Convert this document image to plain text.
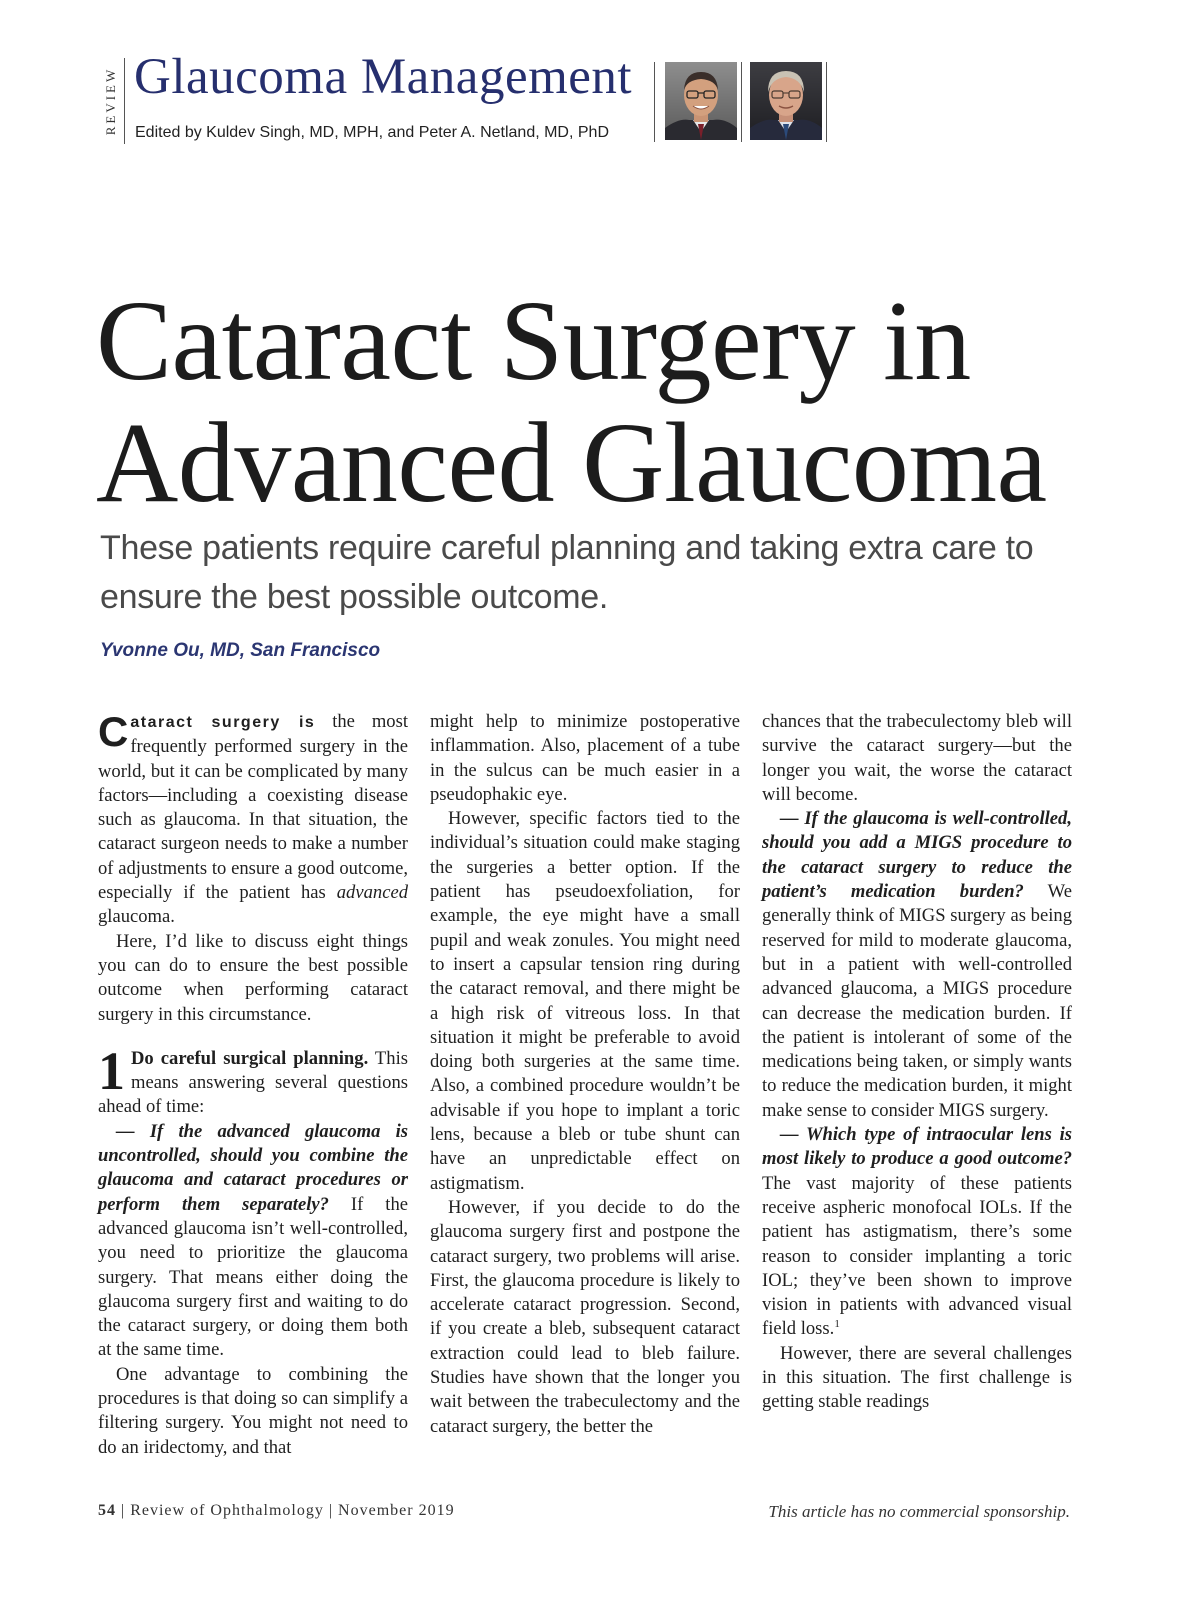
REVIEW Glaucoma Management
Edited by Kuldev Singh, MD, MPH, and Peter A. Netland, MD, PhD
Cataract Surgery in
Advanced Glaucoma
These patients require careful planning and taking extra care to ensure the best possible outcome.
Yvonne Ou, MD, San Francisco

Cataract surgery is the most frequently performed surgery in the world, but it can be complicated by many factors—including a coexisting disease such as glaucoma. In that situation, the cataract surgeon needs to make a number of adjustments to ensure a good outcome, especially if the patient has advanced glaucoma.

Here, I’d like to discuss eight things you can do to ensure the best possible outcome when performing cataract surgery in this circumstance.

1 Do careful surgical planning. This means answering several questions ahead of time:

— If the advanced glaucoma is uncontrolled, should you combine the glaucoma and cataract procedures or perform them separately? If the advanced glaucoma isn’t well-controlled, you need to prioritize the glaucoma surgery. That means either doing the glaucoma surgery first and waiting to do the cataract surgery, or doing them both at the same time.

One advantage to combining the procedures is that doing so can simplify a filtering surgery. You might not need to do an iridectomy, and that

might help to minimize postoperative inflammation. Also, placement of a tube in the sulcus can be much easier in a pseudophakic eye.

However, specific factors tied to the individual’s situation could make staging the surgeries a better option. If the patient has pseudoexfoliation, for example, the eye might have a small pupil and weak zonules. You might need to insert a capsular tension ring during the cataract removal, and there might be a high risk of vitreous loss. In that situation it might be preferable to avoid doing both surgeries at the same time. Also, a combined procedure wouldn’t be advisable if you hope to implant a toric lens, because a bleb or tube shunt can have an unpredictable effect on astigmatism.

However, if you decide to do the glaucoma surgery first and postpone the cataract surgery, two problems will arise. First, the glaucoma procedure is likely to accelerate cataract progression. Second, if you create a bleb, subsequent cataract extraction could lead to bleb failure. Studies have shown that the longer you wait between the trabeculectomy and the cataract surgery, the better the

chances that the trabeculectomy bleb will survive the cataract surgery—but the longer you wait, the worse the cataract will become.

— If the glaucoma is well-controlled, should you add a MIGS procedure to the cataract surgery to reduce the patient’s medication burden? We generally think of MIGS surgery as being reserved for mild to moderate glaucoma, but in a patient with well-controlled advanced glaucoma, a MIGS procedure can decrease the medication burden. If the patient is intolerant of some of the medications being taken, or simply wants to reduce the medication burden, it might make sense to consider MIGS surgery.

— Which type of intraocular lens is most likely to produce a good outcome? The vast majority of these patients receive aspheric monofocal IOLs. If the patient has astigmatism, there’s some reason to consider implanting a toric IOL; they’ve been shown to improve vision in patients with advanced visual field loss.$^1$

However, there are several challenges in this situation. The first challenge is getting stable readings

54 | Review of Ophthalmology | November 2019	This article has no commercial sponsorship.
